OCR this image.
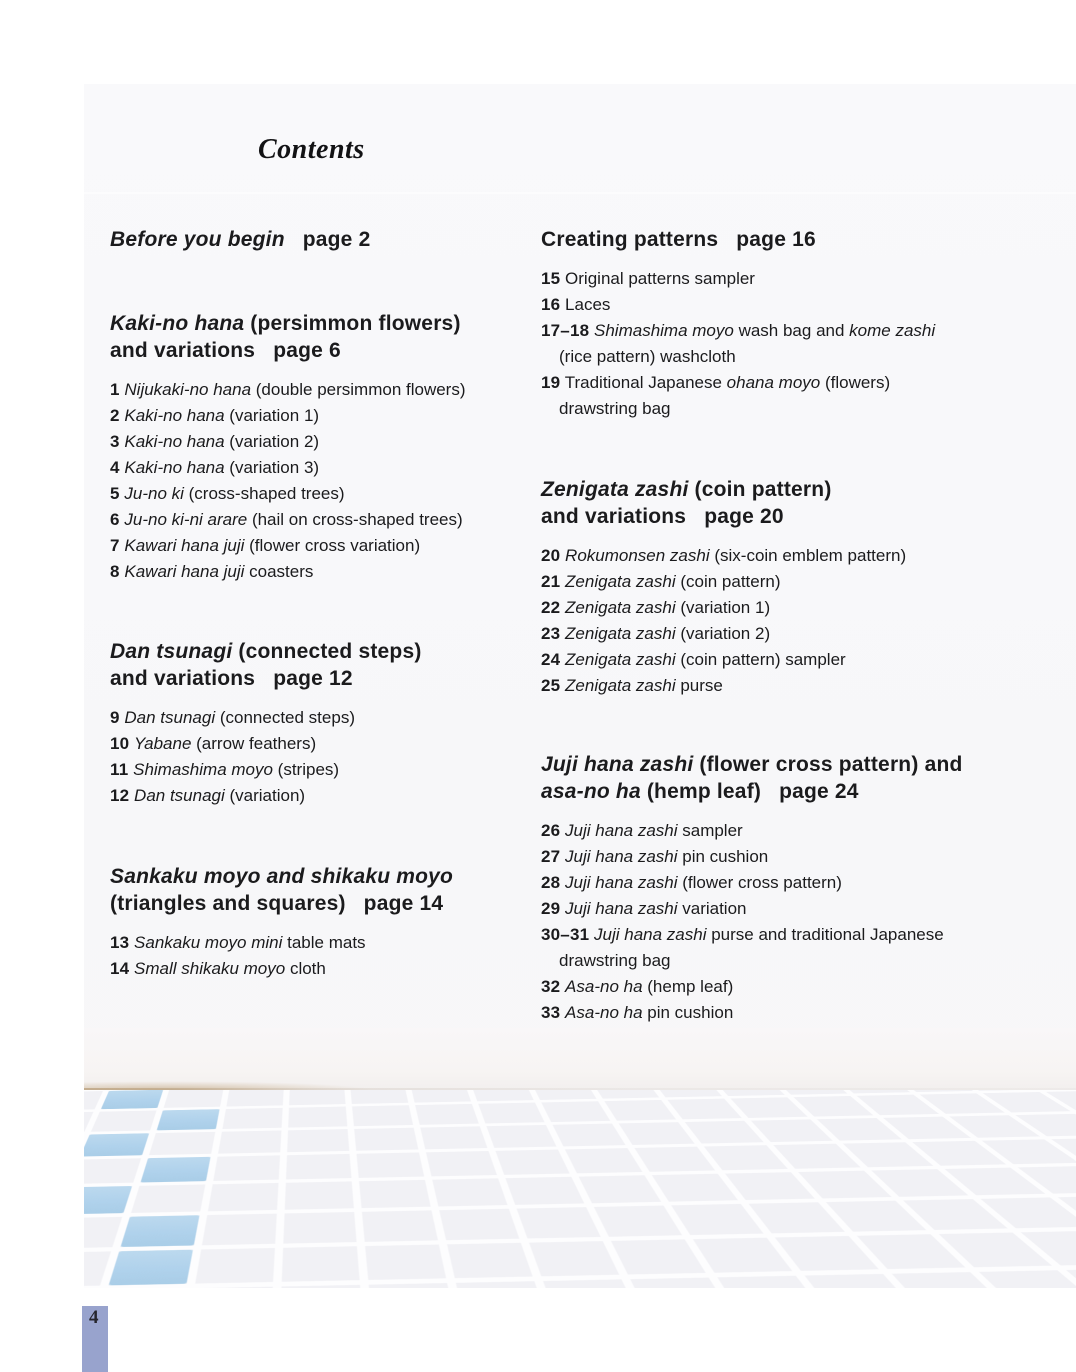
Contents
Before you begin page 2
Kaki-no hana (persimmon flowers)
and variations page 6
1 Nijukaki-no hana (double persimmon flowers)
2 Kaki-no hana (variation 1)
3 Kaki-no hana (variation 2)
4 Kaki-no hana (variation 3)
5 Ju-no ki (cross-shaped trees)
6 Ju-no ki-ni arare (hail on cross-shaped trees)
7 Kawari hana juji (flower cross variation)
8 Kawari hana juji coasters
Dan tsunagi (connected steps)
and variations page 12
9 Dan tsunagi (connected steps)
10 Yabane (arrow feathers)
11 Shimashima moyo (stripes)
12 Dan tsunagi (variation)
Sankaku moyo and shikaku moyo
(triangles and squares) page 14
13 Sankaku moyo mini table mats
14 Small shikaku moyo cloth
Creating patterns page 16
15 Original patterns sampler
16 Laces
17–18 Shimashima moyo wash bag and kome zashi
(rice pattern) washcloth
19 Traditional Japanese ohana moyo (flowers)
drawstring bag
Zenigata zashi (coin pattern)
and variations page 20
20 Rokumonsen zashi (six-coin emblem pattern)
21 Zenigata zashi (coin pattern)
22 Zenigata zashi (variation 1)
23 Zenigata zashi (variation 2)
24 Zenigata zashi (coin pattern) sampler
25 Zenigata zashi purse
Juji hana zashi (flower cross pattern) and
asa-no ha (hemp leaf) page 24
26 Juji hana zashi sampler
27 Juji hana zashi pin cushion
28 Juji hana zashi (flower cross pattern)
29 Juji hana zashi variation
30–31 Juji hana zashi purse and traditional Japanese
drawstring bag
32 Asa-no ha (hemp leaf)
33 Asa-no ha pin cushion
4
